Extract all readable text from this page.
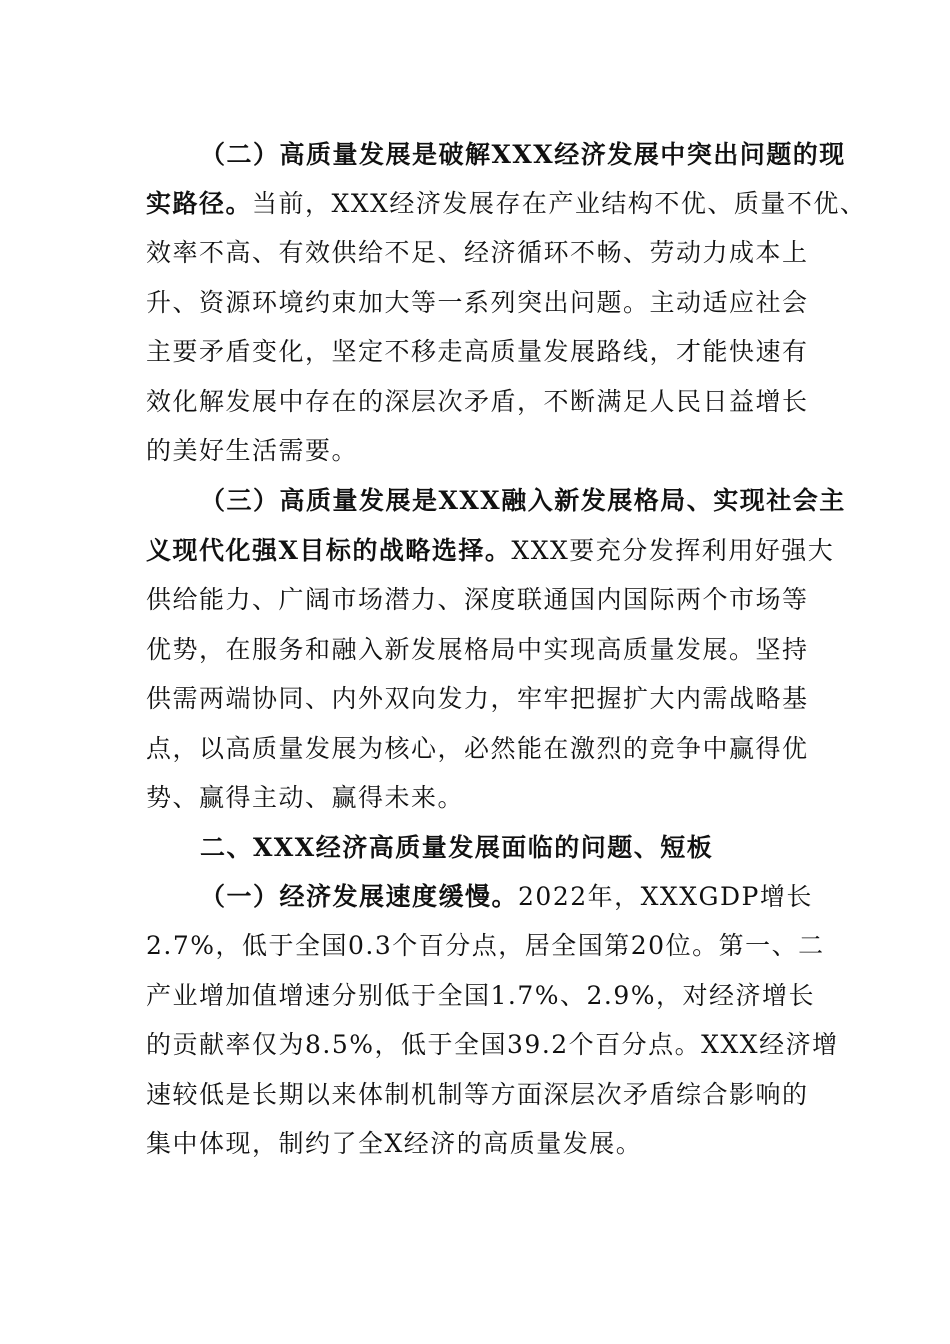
（二）高质量发展是破解XXX经济发展中突出问题的现
实路径。当前，XXX经济发展存在产业结构不优、质量不优、
效率不高、有效供给不足、经济循环不畅、劳动力成本上
升、资源环境约束加大等一系列突出问题。主动适应社会
主要矛盾变化，坚定不移走高质量发展路线，才能快速有
效化解发展中存在的深层次矛盾，不断满足人民日益增长
的美好生活需要。
（三）高质量发展是XXX融入新发展格局、实现社会主
义现代化强X目标的战略选择。XXX要充分发挥利用好强大
供给能力、广阔市场潜力、深度联通国内国际两个市场等
优势，在服务和融入新发展格局中实现高质量发展。坚持
供需两端协同、内外双向发力，牢牢把握扩大内需战略基
点，以高质量发展为核心，必然能在激烈的竞争中赢得优
势、赢得主动、赢得未来。
二、XXX经济高质量发展面临的问题、短板
（一）经济发展速度缓慢。2022年，XXXGDP增长
2.7%，低于全国0.3个百分点，居全国第20位。第一、二
产业增加值增速分别低于全国1.7%、2.9%，对经济增长
的贡献率仅为8.5%，低于全国39.2个百分点。XXX经济增
速较低是长期以来体制机制等方面深层次矛盾综合影响的
集中体现，制约了全X经济的高质量发展。
